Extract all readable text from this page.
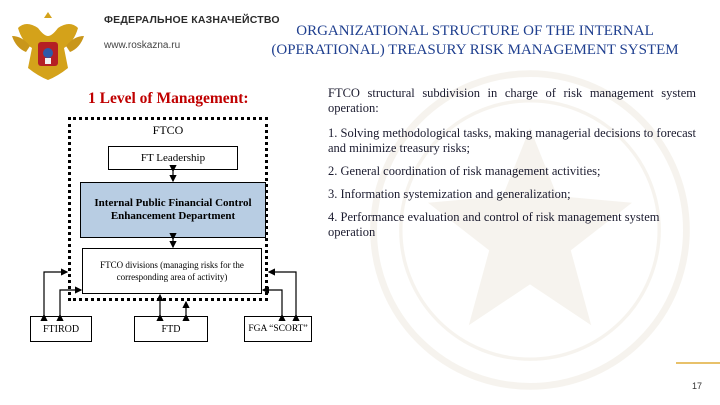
ФЕДЕРАЛЬНОЕ КАЗНАЧЕЙСТВО
www.roskazna.ru
ORGANIZATIONAL STRUCTURE OF THE INTERNAL (OPERATIONAL) TREASURY RISK MANAGEMENT SYSTEM
1 Level of Management:
FTCO
FT Leadership
Internal Public Financial Control Enhancement Department
FTCO divisions (managing risks for the corresponding area of activity)
FTIROD	FTD	FGA “SCORT”

FTCO structural subdivision in charge of risk management system operation:

1. Solving methodological tasks, making managerial decisions to forecast and minimize treasury risks;

2. General coordination of risk management activities;

3. Information systemization and generalization;

4. Performance evaluation and control of risk management system operation

17
